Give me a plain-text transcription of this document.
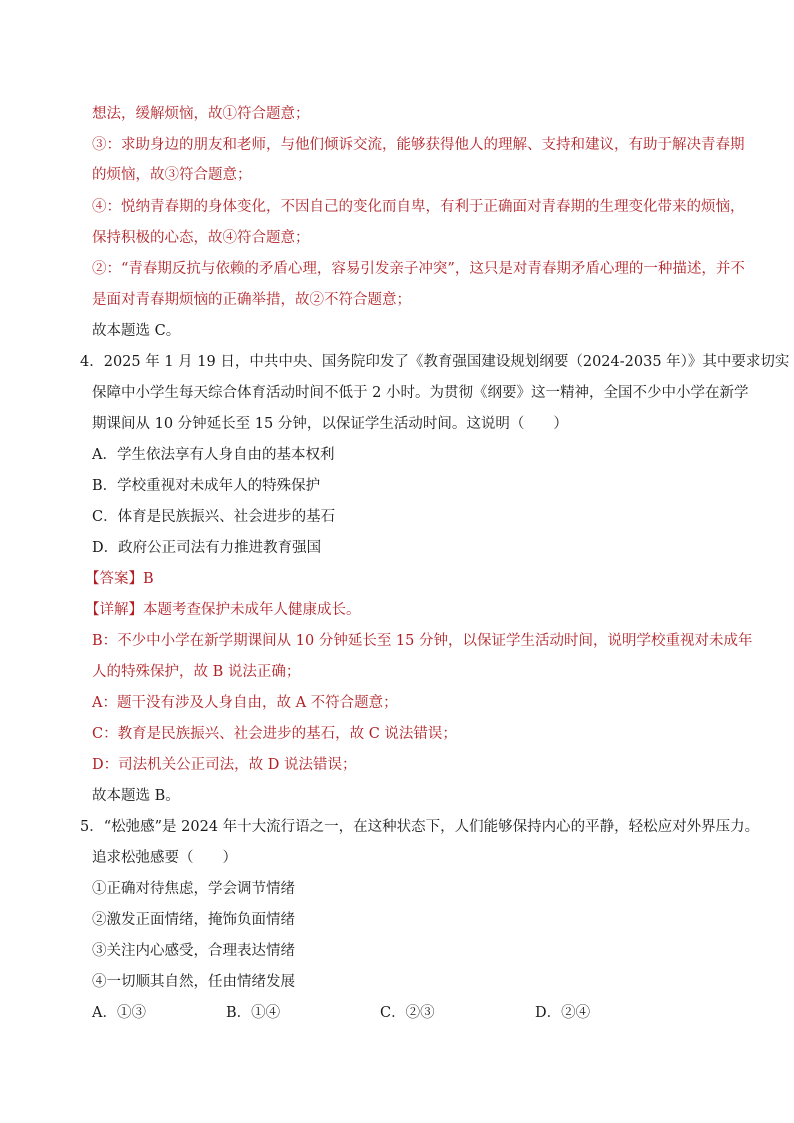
想法，缓解烦恼，故①符合题意；
③：求助身边的朋友和老师，与他们倾诉交流，能够获得他人的理解、支持和建议，有助于解决青春期
的烦恼，故③符合题意；
④：悦纳青春期的身体变化，不因自己的变化而自卑，有利于正确面对青春期的生理变化带来的烦恼，
保持积极的心态，故④符合题意；
②：“青春期反抗与依赖的矛盾心理，容易引发亲子冲突”，这只是对青春期矛盾心理的一种描述，并不
是面对青春期烦恼的正确举措，故②不符合题意；
故本题选 C。
4．2025 年 1 月 19 日，中共中央、国务院印发了《教育强国建设规划纲要（2024-2035 年）》其中要求切实
保障中小学生每天综合体育活动时间不低于 2 小时。为贯彻《纲要》这一精神，全国不少中小学在新学
期课间从 10 分钟延长至 15 分钟，以保证学生活动时间。这说明（　　）
A．学生依法享有人身自由的基本权利
B．学校重视对未成年人的特殊保护
C．体育是民族振兴、社会进步的基石
D．政府公正司法有力推进教育强国
【答案】B
【详解】本题考查保护未成年人健康成长。
B：不少中小学在新学期课间从 10 分钟延长至 15 分钟，以保证学生活动时间，说明学校重视对未成年
人的特殊保护，故 B 说法正确；
A：题干没有涉及人身自由，故 A 不符合题意；
C：教育是民族振兴、社会进步的基石，故 C 说法错误；
D：司法机关公正司法，故 D 说法错误；
故本题选 B。
5．“松弛感”是 2024 年十大流行语之一，在这种状态下，人们能够保持内心的平静，轻松应对外界压力。
追求松弛感要（　　）
①正确对待焦虑，学会调节情绪
②激发正面情绪，掩饰负面情绪
③关注内心感受，合理表达情绪
④一切顺其自然，任由情绪发展
A．①③	B．①④	C．②③	D．②④
